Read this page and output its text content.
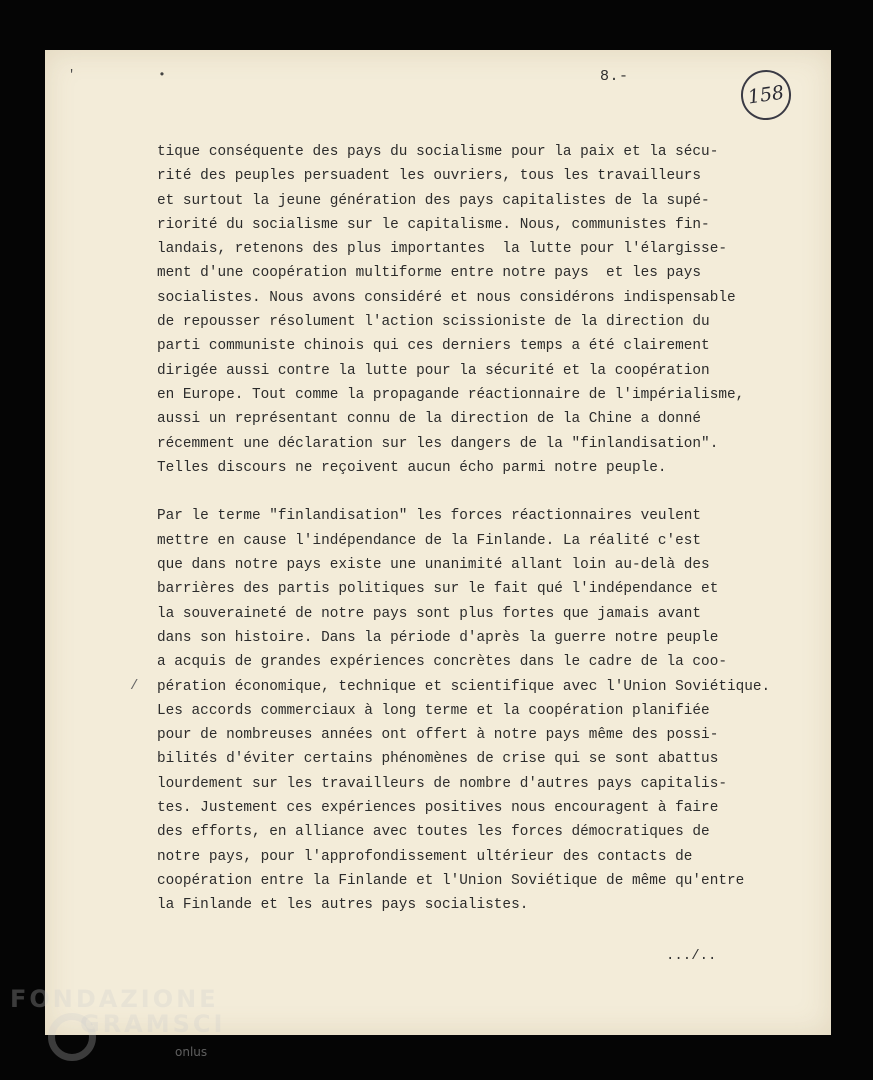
' •	8.-
158
tique conséquente des pays du socialisme pour la paix et la sécu-
rité des peuples persuadent les ouvriers, tous les travailleurs
et surtout la jeune génération des pays capitalistes de la supé-
riorité du socialisme sur le capitalisme. Nous, communistes fin-
landais, retenons des plus importantes  la lutte pour l'élargisse-
ment d'une coopération multiforme entre notre pays  et les pays
socialistes. Nous avons considéré et nous considérons indispensable
de repousser résolument l'action scissioniste de la direction du
parti communiste chinois qui ces derniers temps a été clairement
dirigée aussi contre la lutte pour la sécurité et la coopération
en Europe. Tout comme la propagande réactionnaire de l'impérialisme,
aussi un représentant connu de la direction de la Chine a donné
récemment une déclaration sur les dangers de la "finlandisation".
Telles discours ne reçoivent aucun écho parmi notre peuple.
Par le terme "finlandisation" les forces réactionnaires veulent
mettre en cause l'indépendance de la Finlande. La réalité c'est
que dans notre pays existe une unanimité allant loin au-delà des
barrières des partis politiques sur le fait qué l'indépendance et
la souveraineté de notre pays sont plus fortes que jamais avant
dans son histoire. Dans la période d'après la guerre notre peuple
a acquis de grandes expériences concrètes dans le cadre de la coo-
pération économique, technique et scientifique avec l'Union Soviétique.
Les accords commerciaux à long terme et la coopération planifiée
pour de nombreuses années ont offert à notre pays même des possi-
bilités d'éviter certains phénomènes de crise qui se sont abattus
lourdement sur les travailleurs de nombre d'autres pays capitalis-
tes. Justement ces expériences positives nous encouragent à faire
des efforts, en alliance avec toutes les forces démocratiques de
notre pays, pour l'approfondissement ultérieur des contacts de
coopération entre la Finlande et l'Union Soviétique de même qu'entre
la Finlande et les autres pays socialistes.
/
.../..
FONDAZIONE
GRAMSCI
onlus
